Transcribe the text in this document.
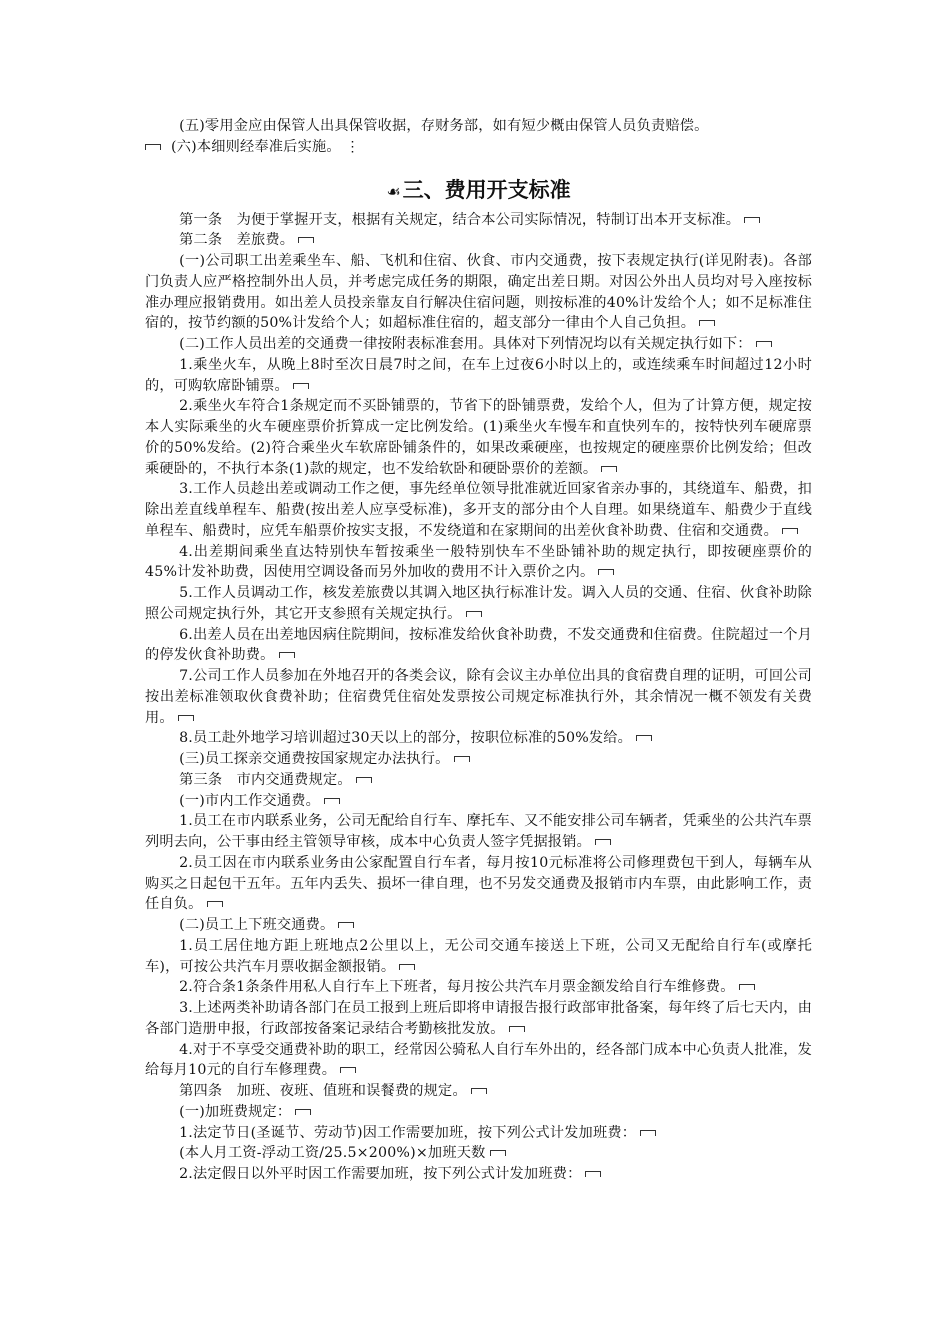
(五)零用金应由保管人出具保管收据，存财务部，如有短少概由保管人员负责赔偿。

(六)本细则经奉准后实施。 ⋮

☙三、费用开支标准

第一条　为便于掌握开支，根据有关规定，结合本公司实际情况，特制订出本开支标准。

第二条　差旅费。

(一)公司职工出差乘坐车、船、飞机和住宿、伙食、市内交通费，按下表规定执行(详见附表)。各部门负责人应严格控制外出人员，并考虑完成任务的期限，确定出差日期。对因公外出人员均对号入座按标准办理应报销费用。如出差人员投亲靠友自行解决住宿问题，则按标准的40%计发给个人；如不足标准住宿的，按节约额的50%计发给个人；如超标准住宿的，超支部分一律由个人自己负担。

(二)工作人员出差的交通费一律按附表标准套用。具体对下列情况均以有关规定执行如下：

1.乘坐火车，从晚上8时至次日晨7时之间，在车上过夜6小时以上的，或连续乘车时间超过12小时的，可购软席卧铺票。

2.乘坐火车符合1条规定而不买卧铺票的，节省下的卧铺票费，发给个人，但为了计算方便，规定按本人实际乘坐的火车硬座票价折算成一定比例发给。(1)乘坐火车慢车和直快列车的，按特快列车硬席票价的50%发给。(2)符合乘坐火车软席卧铺条件的，如果改乘硬座，也按规定的硬座票价比例发给；但改乘硬卧的，不执行本条(1)款的规定，也不发给软卧和硬卧票价的差额。

3.工作人员趁出差或调动工作之便，事先经单位领导批准就近回家省亲办事的，其绕道车、船费，扣除出差直线单程车、船费(按出差人应享受标准)，多开支的部分由个人自理。如果绕道车、船费少于直线单程车、船费时，应凭车船票价按实支报，不发绕道和在家期间的出差伙食补助费、住宿和交通费。

4.出差期间乘坐直达特别快车暂按乘坐一般特别快车不坐卧铺补助的规定执行，即按硬座票价的45%计发补助费，因使用空调设备而另外加收的费用不计入票价之内。

5.工作人员调动工作，核发差旅费以其调入地区执行标准计发。调入人员的交通、住宿、伙食补助除照公司规定执行外，其它开支参照有关规定执行。

6.出差人员在出差地因病住院期间，按标准发给伙食补助费，不发交通费和住宿费。住院超过一个月的停发伙食补助费。

7.公司工作人员参加在外地召开的各类会议，除有会议主办单位出具的食宿费自理的证明，可回公司按出差标准领取伙食费补助；住宿费凭住宿处发票按公司规定标准执行外，其余情况一概不领发有关费用。

8.员工赴外地学习培训超过30天以上的部分，按职位标准的50%发给。

(三)员工探亲交通费按国家规定办法执行。

第三条　市内交通费规定。

(一)市内工作交通费。

1.员工在市内联系业务，公司无配给自行车、摩托车、又不能安排公司车辆者，凭乘坐的公共汽车票列明去向，公干事由经主管领导审核，成本中心负责人签字凭据报销。

2.员工因在市内联系业务由公家配置自行车者，每月按10元标准将公司修理费包干到人，每辆车从购买之日起包干五年。五年内丢失、损坏一律自理，也不另发交通费及报销市内车票，由此影响工作，责任自负。

(二)员工上下班交通费。

1.员工居住地方距上班地点2公里以上，无公司交通车接送上下班，公司又无配给自行车(或摩托车)，可按公共汽车月票收据金额报销。

2.符合条1条条件用私人自行车上下班者，每月按公共汽车月票金额发给自行车维修费。

3.上述两类补助请各部门在员工报到上班后即将申请报告报行政部审批备案，每年终了后七天内，由各部门造册申报，行政部按备案记录结合考勤核批发放。

4.对于不享受交通费补助的职工，经常因公骑私人自行车外出的，经各部门成本中心负责人批准，发给每月10元的自行车修理费。

第四条　加班、夜班、值班和误餐费的规定。

(一)加班费规定：

1.法定节日(圣诞节、劳动节)因工作需要加班，按下列公式计发加班费：

(本人月工资-浮动工资/25.5×200%)×加班天数

2.法定假日以外平时因工作需要加班，按下列公式计发加班费：
